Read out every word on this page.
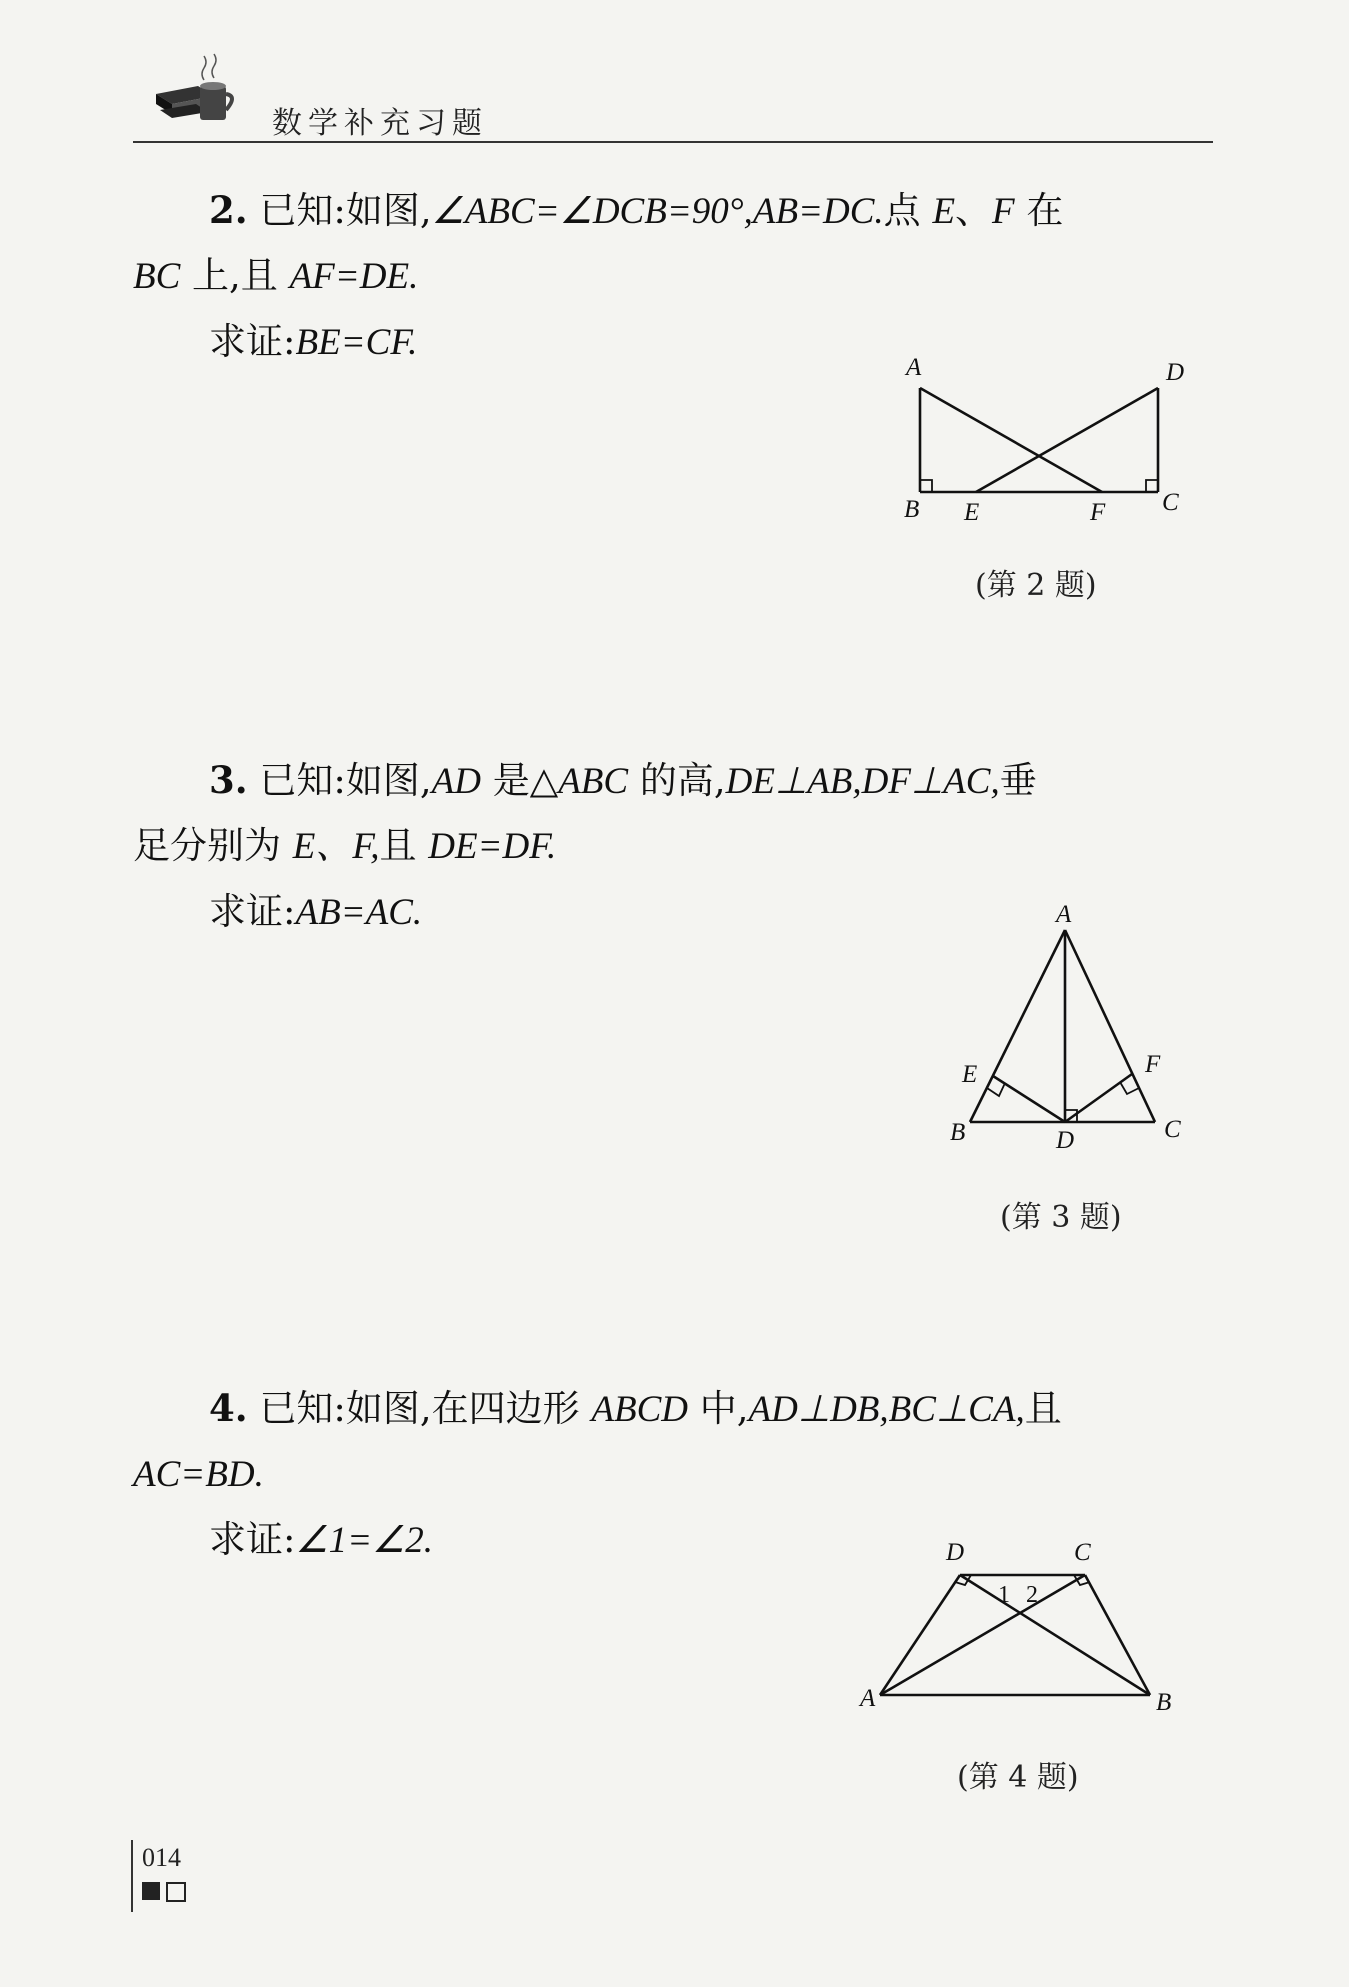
数学补充习题
2. 已知:如图,∠ABC=∠DCB=90°,AB=DC.点 E、F 在
BC 上,且 AF=DE.
求证:BE=CF.
A	D
B E	F C
(第 2 题)
3. 已知:如图,AD 是△ABC 的高,DE⊥AB,DF⊥AC,垂
足分别为 E、F,且 DE=DF.
求证:AB=AC.	A
E	F
B	D	C
(第 3 题)
4. 已知:如图,在四边形 ABCD 中,AD⊥DB,BC⊥CA,且
AC=BD.
求证:∠1=∠2.	D	C
A	B
1 2
(第 4 题)
014
